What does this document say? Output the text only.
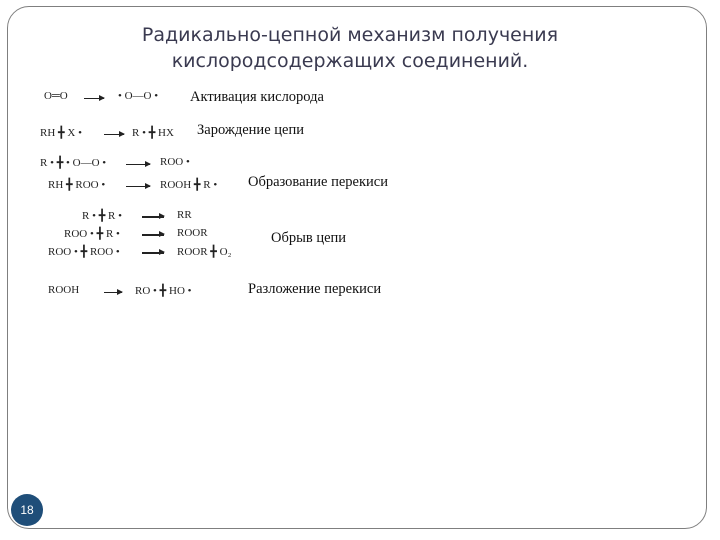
Радикально-цепной механизм получения
кислородсодержащих соединений.
O═O	• O—O • Активация кислорода
RH ╋ X •	R • ╋ HX Зарождение цепи
R • ╋ • O—O •	ROO •
RH ╋ ROO •	ROOH ╋ R • Образование перекиси
R • ╋ R •	RR
ROO • ╋ R •	ROOR
ROO • ╋ ROO •	ROOR ╋ O₂
Обрыв цепи
ROOH	RO • ╋ HO •	Разложение перекиси
18
